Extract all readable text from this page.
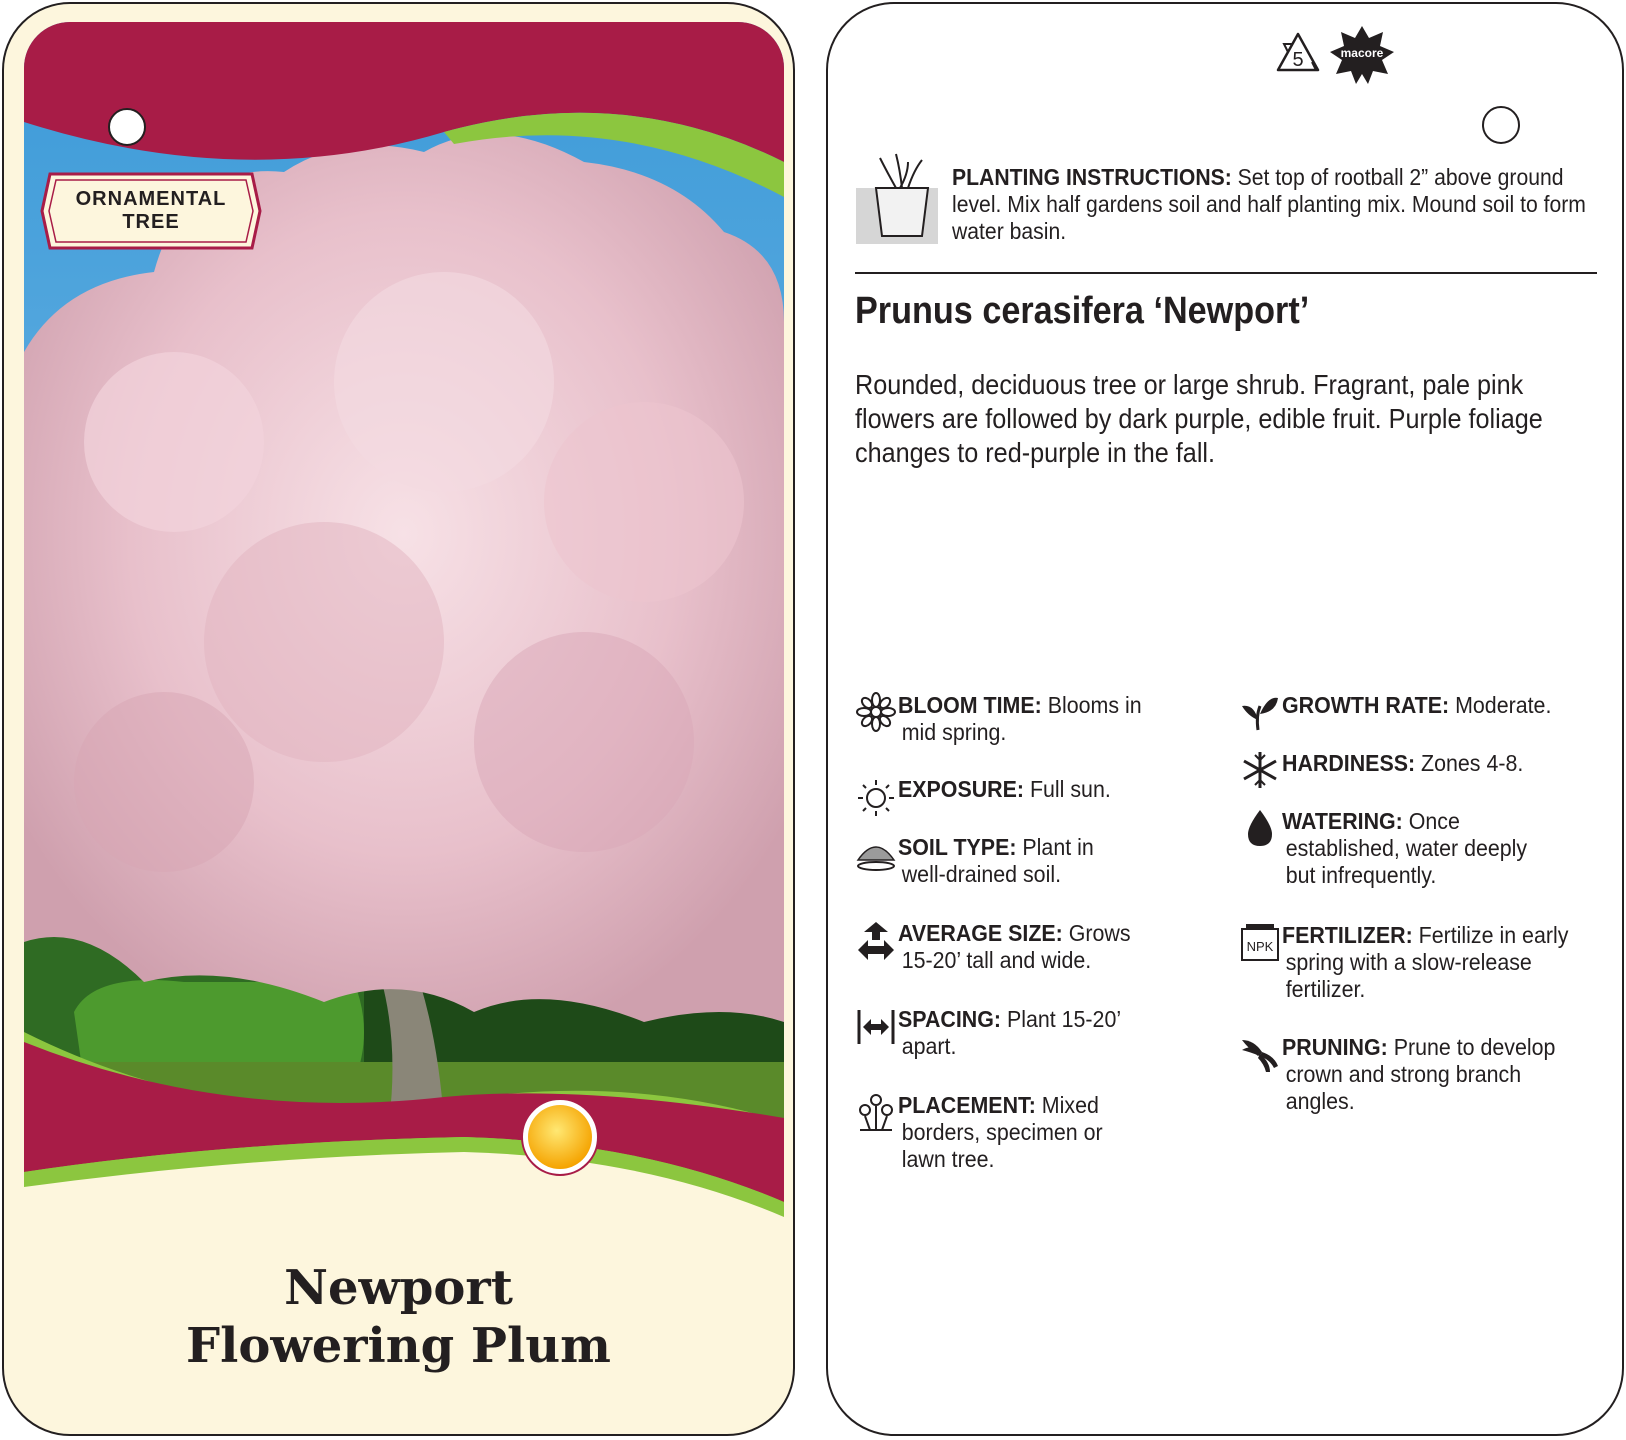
ORNAMENTAL
TREE
Newport
Flowering Plum
5	macore
PLANTING INSTRUCTIONS: Set top of rootball 2” above ground level. Mix half gardens soil and half planting mix. Mound soil to form water basin.
Prunus cerasifera ‘Newport’
Rounded, deciduous tree or large shrub. Fragrant, pale pink flowers are followed by dark purple, edible fruit. Purple foliage changes to red-purple in the fall.
BLOOM TIME: Blooms in
mid spring.
EXPOSURE: Full sun.
SOIL TYPE: Plant in
well-drained soil.
AVERAGE SIZE: Grows
15-20’ tall and wide.
SPACING: Plant 15-20’
apart.
PLACEMENT: Mixed
borders, specimen or
lawn tree.
GROWTH RATE: Moderate.
HARDINESS: Zones 4-8.
WATERING: Once
established, water deeply
but infrequently.
NPK FERTILIZER: Fertilize in early
spring with a slow-release
fertilizer.
PRUNING: Prune to develop
crown and strong branch
angles.
